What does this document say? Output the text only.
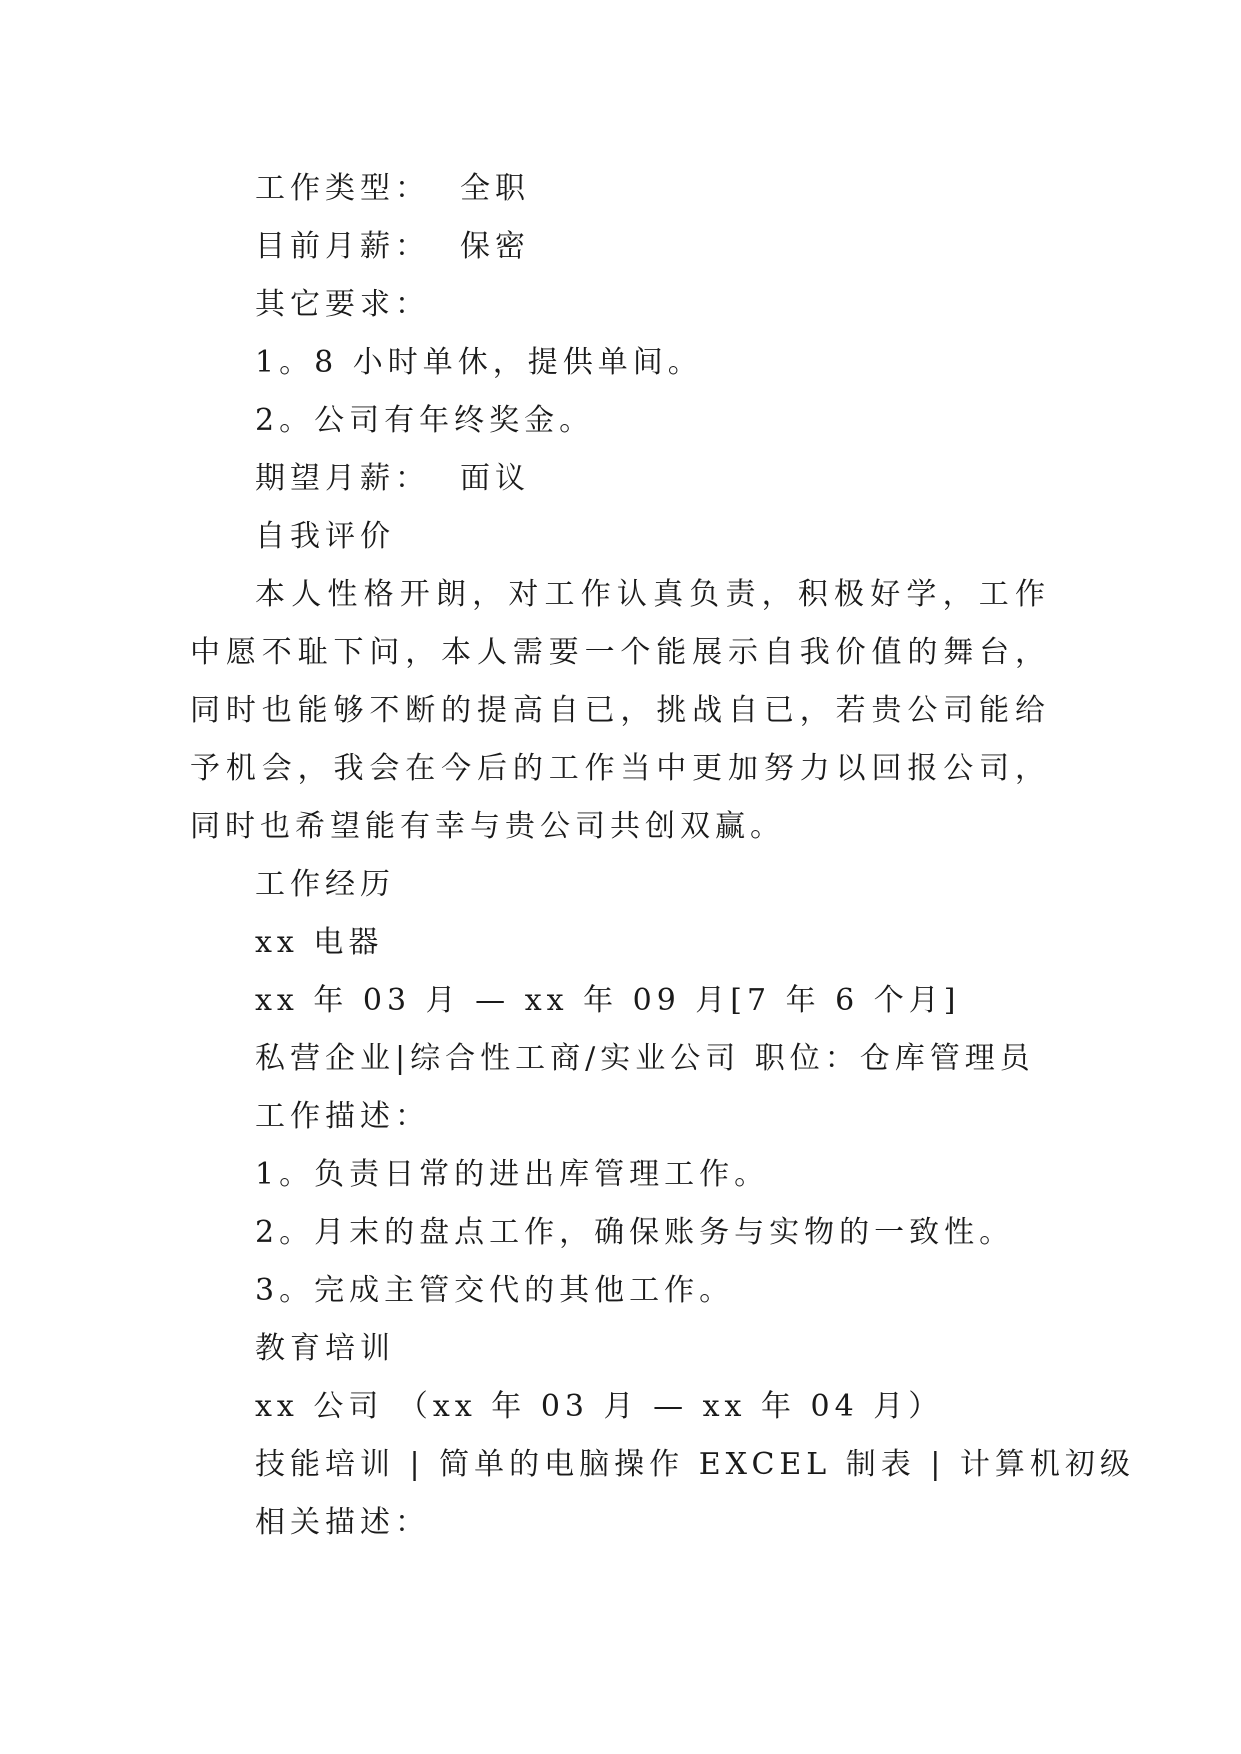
工作类型： 全职
目前月薪： 保密
其它要求：
1。8 小时单休，提供单间。
2。公司有年终奖金。
期望月薪： 面议
自我评价
本人性格开朗，对工作认真负责，积极好学，工作中愿不耻下问，本人需要一个能展示自我价值的舞台，同时也能够不断的提高自已，挑战自已，若贵公司能给予机会，我会在今后的工作当中更加努力以回报公司，同时也希望能有幸与贵公司共创双赢。
工作经历
xx 电器
xx 年 03 月 — xx 年 09 月[7 年 6 个月]
私营企业|综合性工商/实业公司 职位：仓库管理员
工作描述：
1。负责日常的进出库管理工作。
2。月末的盘点工作，确保账务与实物的一致性。
3。完成主管交代的其他工作。
教育培训
xx 公司 （xx 年 03 月 — xx 年 04 月）
技能培训 | 简单的电脑操作 EXCEL 制表 | 计算机初级
相关描述：
